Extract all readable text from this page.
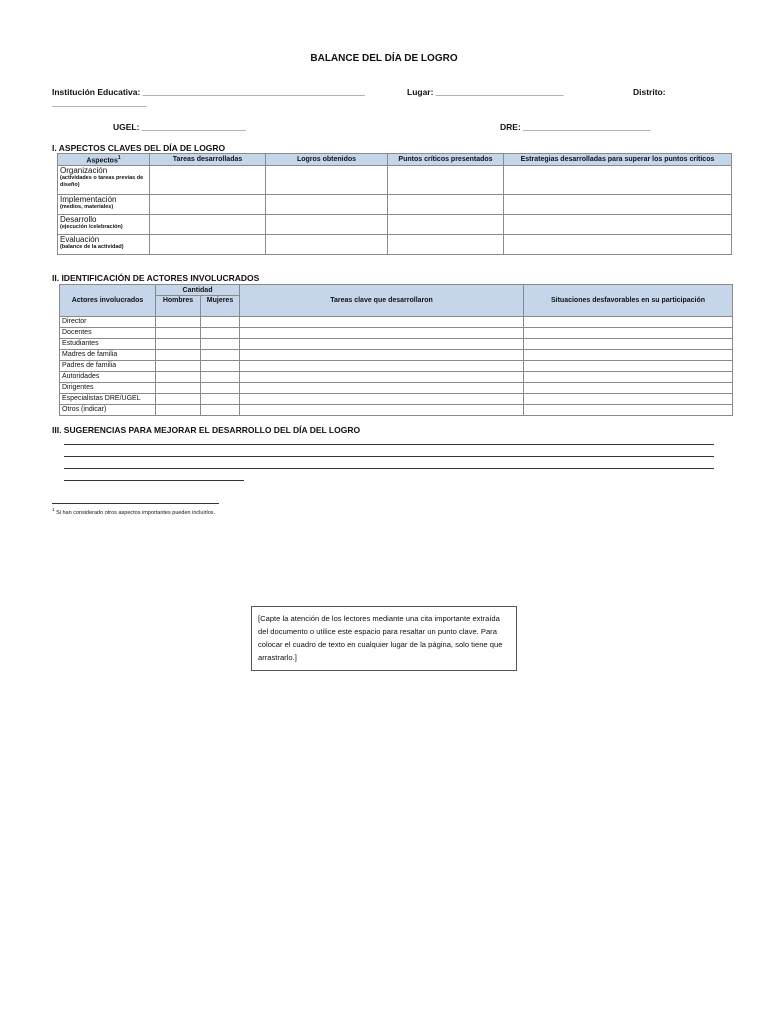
BALANCE DEL DÍA DE LOGRO
Institución Educativa: _______________________________________________	Lugar: ___________________________	Distrito:
____________________
UGEL: ______________________	DRE: ___________________________
I. ASPECTOS CLAVES DEL DÍA DE LOGRO
Aspectos$^1$	Tareas desarrolladas	Logros obtenidos	Puntos críticos presentados	Estrategias desarrolladas para superar los puntos críticos

Organización
(actividades o tareas previas de diseño)				

Implementación
(medios, materiales)				

Desarrollo
(ejecución /celebración)				

Evaluación
(balance de la actividad)				

II. IDENTIFICACIÓN DE ACTORES INVOLUCRADOS
Actores involucrados	Cantidad		Tareas clave que desarrollaron	Situaciones desfavorables en su participación
	Hombres	Mujeres		
Director				
Docentes				
Estudiantes				
Madres de familia				
Padres de familia				
Autoridades				
Dirigentes				
Especialistas DRE/UGEL				
Otros (indicar)				
III. SUGERENCIAS PARA MEJORAR EL DESARROLLO DEL DÍA DEL LOGRO
$^1$ Si han considerado otros aspectos importantes pueden incluirlos.
[Capte la atención de los lectores mediante una cita importante extraída del documento o utilice este espacio para resaltar un punto clave. Para colocar el cuadro de texto en cualquier lugar de la página, solo tiene que arrastrarlo.]
